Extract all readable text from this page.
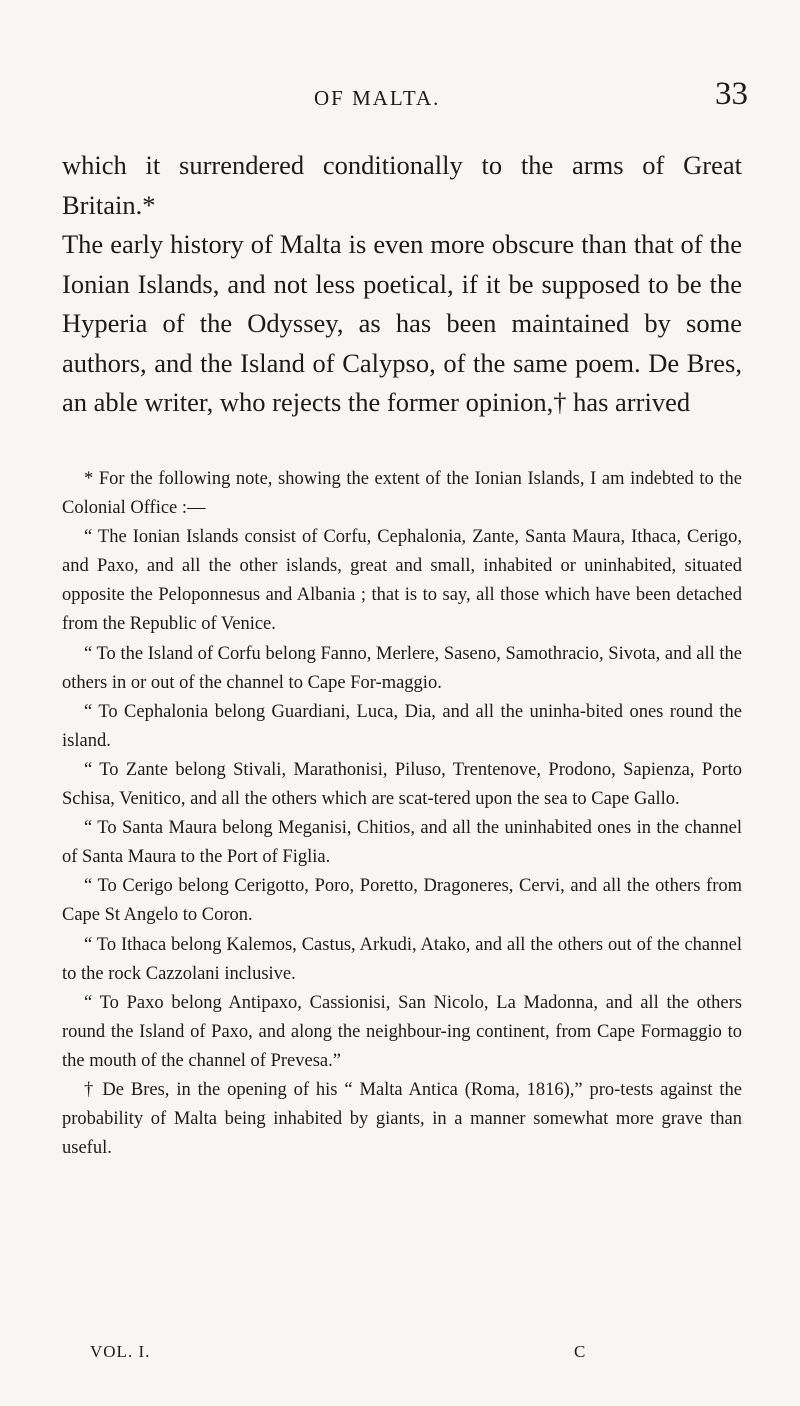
OF MALTA.	33

which it surrendered conditionally to the arms of Great Britain.*

The early history of Malta is even more obscure than that of the Ionian Islands, and not less poetical, if it be supposed to be the Hyperia of the Odyssey, as has been maintained by some authors, and the Island of Calypso, of the same poem. De Bres, an able writer, who rejects the former opinion,† has arrived

* For the following note, showing the extent of the Ionian Islands, I am indebted to the Colonial Office :—

“ The Ionian Islands consist of Corfu, Cephalonia, Zante, Santa Maura, Ithaca, Cerigo, and Paxo, and all the other islands, great and small, inhabited or uninhabited, situated opposite the Peloponnesus and Albania ; that is to say, all those which have been detached from the Republic of Venice.

“ To the Island of Corfu belong Fanno, Merlere, Saseno, Samothracio, Sivota, and all the others in or out of the channel to Cape For-maggio.

“ To Cephalonia belong Guardiani, Luca, Dia, and all the uninha-bited ones round the island.

“ To Zante belong Stivali, Marathonisi, Piluso, Trentenove, Prodono, Sapienza, Porto Schisa, Venitico, and all the others which are scat-tered upon the sea to Cape Gallo.

“ To Santa Maura belong Meganisi, Chitios, and all the uninhabited ones in the channel of Santa Maura to the Port of Figlia.

“ To Cerigo belong Cerigotto, Poro, Poretto, Dragoneres, Cervi, and all the others from Cape St Angelo to Coron.

“ To Ithaca belong Kalemos, Castus, Arkudi, Atako, and all the others out of the channel to the rock Cazzolani inclusive.

“ To Paxo belong Antipaxo, Cassionisi, San Nicolo, La Madonna, and all the others round the Island of Paxo, and along the neighbour-ing continent, from Cape Formaggio to the mouth of the channel of Prevesa.”

† De Bres, in the opening of his “ Malta Antica (Roma, 1816),” pro-tests against the probability of Malta being inhabited by giants, in a manner somewhat more grave than useful.

VOL. I.	C
